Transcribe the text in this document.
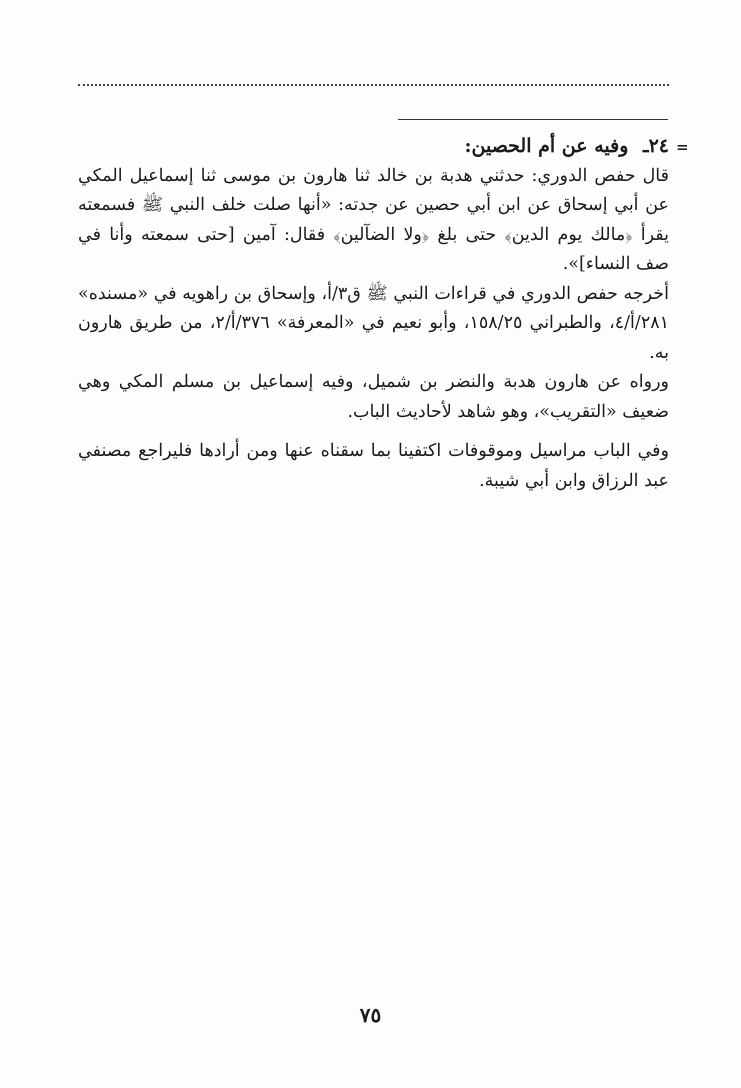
=

٢٤ـ وفيه عن أم الحصين:

قال حفص الدوري: حدثني هدبة بن خالد ثنا هارون بن موسى ثنا إسماعيل المكي عن أبي إسحاق عن ابن أبي حصين عن جدته: «أنها صلت خلف النبي ﷺ فسمعته يقرأ ﴿مالك يوم الدين﴾ حتى بلغ ﴿ولا الضآلين﴾ فقال: آمين [حتى سمعته وأنا في صف النساء]».

أخرجه حفص الدوري في قراءات النبي ﷺ ق٣/أ، وإسحاق بن راهويه في «مسنده» ٢٨١/أ/٤، والطبراني ١٥٨/٢٥، وأبو نعيم في «المعرفة» ٣٧٦/أ/٢، من طريق هارون به.

ورواه عن هارون هدبة والنضر بن شميل، وفيه إسماعيل بن مسلم المكي وهي ضعيف «التقريب»، وهو شاهد لأحاديث الباب.

وفي الباب مراسيل وموقوفات اكتفينا بما سقناه عنها ومن أرادها فليراجع مصنفي عبد الرزاق وابن أبي شيبة.

٧٥
